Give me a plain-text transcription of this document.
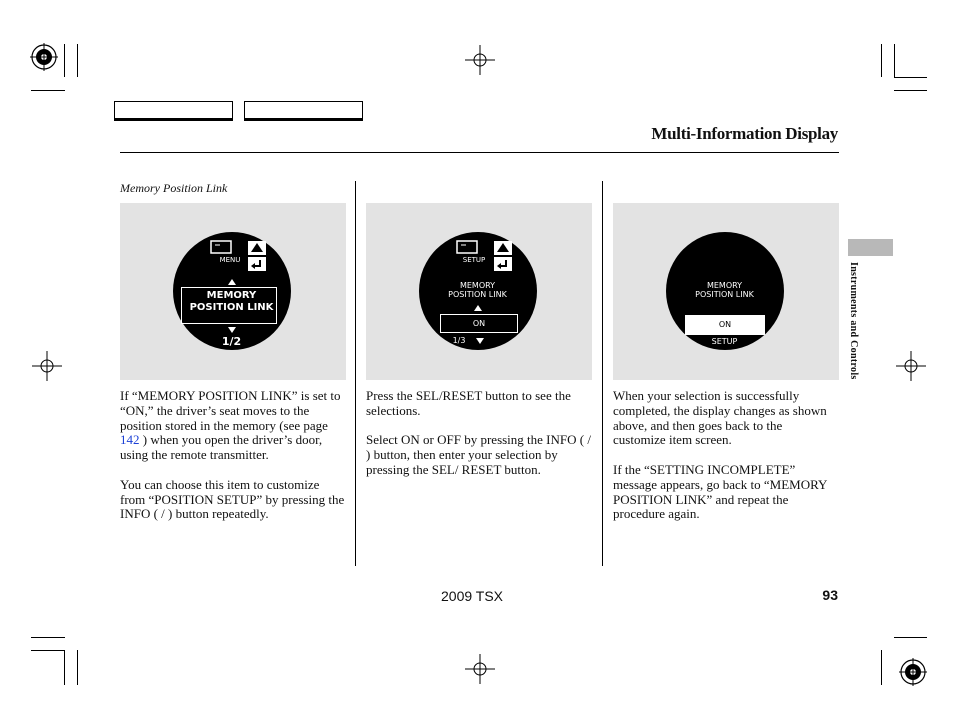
Multi-Information Display
Memory Position Link
MENU
MEMORY
POSITION LINK
1/2
SETUP
MEMORY
POSITION LINK
ON
1/3
MEMORY
POSITION LINK
ON
SETUP

If “MEMORY POSITION LINK” is set to “ON,” the driver’s seat moves to the position stored in the memory (see page 142 ) when you open the driver’s door, using the remote transmitter.

You can choose this item to customize from “POSITION SETUP” by pressing the INFO ( / ) button repeatedly.

Press the SEL/RESET button to see the selections.

Select ON or OFF by pressing the INFO ( / ) button, then enter your selection by pressing the SEL/ RESET button.

When your selection is successfully completed, the display changes as shown above, and then goes back to the customize item screen.

If the “SETTING INCOMPLETE” message appears, go back to “MEMORY POSITION LINK” and repeat the procedure again.

Instruments and Controls
2009 TSX	93
